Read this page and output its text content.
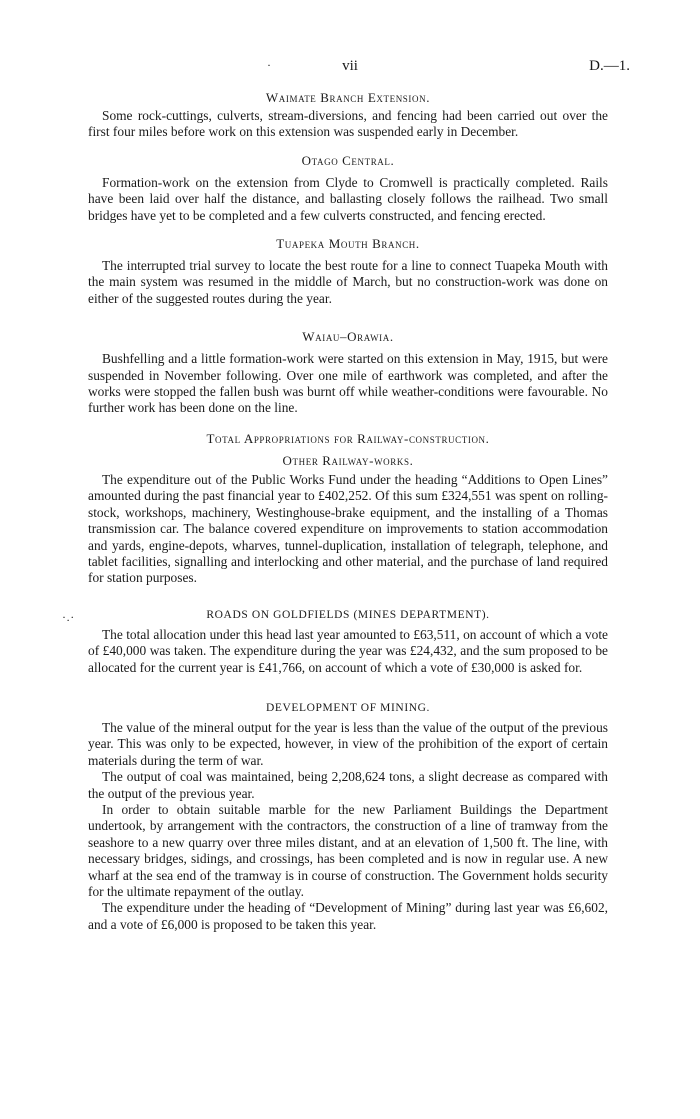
·	vii	D.—1.
Waimate Branch Extension.

Some rock-cuttings, culverts, stream-diversions, and fencing had been carried out over the first four miles before work on this extension was suspended early in December.

Otago Central.

Formation-work on the extension from Clyde to Cromwell is practically completed. Rails have been laid over half the distance, and ballasting closely follows the railhead. Two small bridges have yet to be completed and a few culverts constructed, and fencing erected.

Tuapeka Mouth Branch.

The interrupted trial survey to locate the best route for a line to connect Tuapeka Mouth with the main system was resumed in the middle of March, but no construction-work was done on either of the suggested routes during the year.

Waiau–Orawia.

Bushfelling and a little formation-work were started on this extension in May, 1915, but were suspended in November following. Over one mile of earthwork was completed, and after the works were stopped the fallen bush was burnt off while weather-conditions were favourable. No further work has been done on the line.

Total Appropriations for Railway-construction.
Other Railway-works.

The expenditure out of the Public Works Fund under the heading “Additions to Open Lines” amounted during the past financial year to £402,252. Of this sum £324,551 was spent on rolling-stock, workshops, machinery, Westinghouse-brake equipment, and the installing of a Thomas transmission car. The balance covered expenditure on improvements to station accommodation and yards, engine-depots, wharves, tunnel-duplication, installation of telegraph, telephone, and tablet facilities, signalling and interlocking and other material, and the purchase of land required for station purposes.

·.·	ROADS ON GOLDFIELDS (MINES DEPARTMENT).

The total allocation under this head last year amounted to £63,511, on account of which a vote of £40,000 was taken. The expenditure during the year was £24,432, and the sum proposed to be allocated for the current year is £41,766, on account of which a vote of £30,000 is asked for.

DEVELOPMENT OF MINING.

The value of the mineral output for the year is less than the value of the output of the previous year. This was only to be expected, however, in view of the prohibition of the export of certain materials during the term of war.

The output of coal was maintained, being 2,208,624 tons, a slight decrease as compared with the output of the previous year.

In order to obtain suitable marble for the new Parliament Buildings the Department undertook, by arrangement with the contractors, the construction of a line of tramway from the seashore to a new quarry over three miles distant, and at an elevation of 1,500 ft. The line, with necessary bridges, sidings, and crossings, has been completed and is now in regular use. A new wharf at the sea end of the tramway is in course of construction. The Government holds security for the ultimate repayment of the outlay.

The expenditure under the heading of “Development of Mining” during last year was £6,602, and a vote of £6,000 is proposed to be taken this year.
